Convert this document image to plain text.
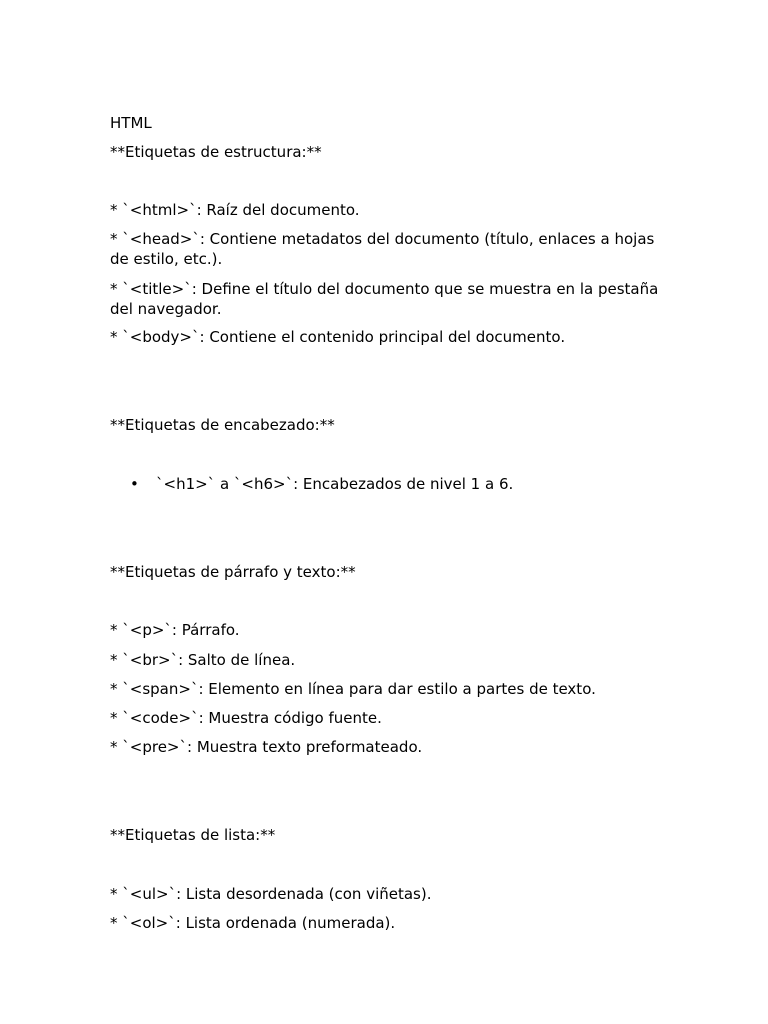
HTML
**Etiquetas de estructura:**
* `<html>`: Raíz del documento.
* `<head>`: Contiene metadatos del documento (título, enlaces a hojas de estilo, etc.).
* `<title>`: Define el título del documento que se muestra en la pestaña del navegador.
* `<body>`: Contiene el contenido principal del documento.
**Etiquetas de encabezado:**
• `<h1>` a `<h6>`: Encabezados de nivel 1 a 6.
**Etiquetas de párrafo y texto:**
* `<p>`: Párrafo.
* `<br>`: Salto de línea.
* `<span>`: Elemento en línea para dar estilo a partes de texto.
* `<code>`: Muestra código fuente.
* `<pre>`: Muestra texto preformateado.
**Etiquetas de lista:**
* `<ul>`: Lista desordenada (con viñetas).
* `<ol>`: Lista ordenada (numerada).
